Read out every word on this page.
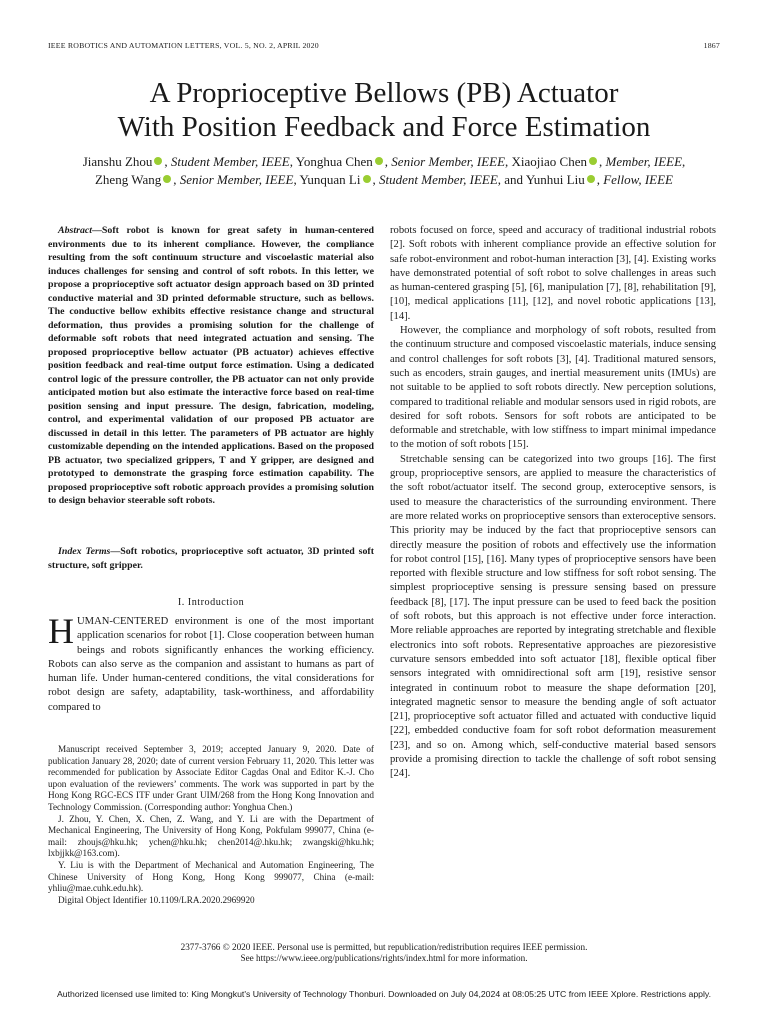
IEEE ROBOTICS AND AUTOMATION LETTERS, VOL. 5, NO. 2, APRIL 2020	1867
A Proprioceptive Bellows (PB) Actuator
With Position Feedback and Force Estimation
Jianshu Zhou , Student Member, IEEE, Yonghua Chen , Senior Member, IEEE, Xiaojiao Chen , Member, IEEE,
Zheng Wang , Senior Member, IEEE, Yunquan Li , Student Member, IEEE, and Yunhui Liu , Fellow, IEEE

Abstract—Soft robot is known for great safety in human-centered environments due to its inherent compliance. However, the compliance resulting from the soft continuum structure and viscoelastic material also induces challenges for sensing and control of soft robots. In this letter, we propose a proprioceptive soft actuator design approach based on 3D printed conductive material and 3D printed deformable structure, such as bellows. The conductive bellow exhibits effective resistance change and structural deformation, thus provides a promising solution for the challenge of deformable soft robots that need integrated actuation and sensing. The proposed proprioceptive bellow actuator (PB actuator) achieves effective position feedback and real-time output force estimation. Using a dedicated control logic of the pressure controller, the PB actuator can not only provide anticipated motion but also estimate the interactive force based on real-time position sensing and input pressure. The design, fabrication, modeling, control, and experimental validation of our proposed PB actuator are discussed in detail in this letter. The parameters of PB actuator are highly customizable depending on the intended applications. Based on the proposed PB actuator, two specialized grippers, T and Y gripper, are designed and prototyped to demonstrate the grasping force estimation capability. The proposed proprioceptive soft robotic approach provides a promising solution to design behavior steerable soft robots.

Index Terms—Soft robotics, proprioceptive soft actuator, 3D printed soft structure, soft gripper.

I. Introduction
HUMAN-CENTERED environment is one of the most important application scenarios for robot [1]. Close cooperation between human beings and robots significantly enhances the working efficiency. Robots can also serve as the companion and assistant to humans as part of human life. Under human-centered conditions, the vital considerations for robot design are safety, adaptability, task-worthiness, and affordability compared to

Manuscript received September 3, 2019; accepted January 9, 2020. Date of publication January 28, 2020; date of current version February 11, 2020. This letter was recommended for publication by Associate Editor Cagdas Onal and Editor K.-J. Cho upon evaluation of the reviewers’ comments. The work was supported in part by the Hong Kong RGC-ECS ITF under Grant UIM/268 from the Hong Kong Innovation and Technology Commission. (Corresponding author: Yonghua Chen.)

J. Zhou, Y. Chen, X. Chen, Z. Wang, and Y. Li are with the Department of Mechanical Engineering, The University of Hong Kong, Pokfulam 999077, China (e-mail: zhoujs@hku.hk; ychen@hku.hk; chen2014@.hku.hk; zwangski@hku.hk; lxbjjkk@163.com).

Y. Liu is with the Department of Mechanical and Automation Engineering, The Chinese University of Hong Kong, Hong Kong 999077, China (e-mail: yhliu@mae.cuhk.edu.hk).

Digital Object Identifier 10.1109/LRA.2020.2969920

robots focused on force, speed and accuracy of traditional industrial robots [2]. Soft robots with inherent compliance provide an effective solution for safe robot-environment and robot-human interaction [3], [4]. Existing works have demonstrated potential of soft robot to solve challenges in areas such as human-centered grasping [5], [6], manipulation [7], [8], rehabilitation [9], [10], medical applications [11], [12], and novel robotic applications [13], [14].

However, the compliance and morphology of soft robots, resulted from the continuum structure and composed viscoelastic materials, induce sensing and control challenges for soft robots [3], [4]. Traditional matured sensors, such as encoders, strain gauges, and inertial measurement units (IMUs) are not suitable to be applied to soft robots directly. New perception solutions, compared to traditional reliable and modular sensors used in rigid robots, are desired for soft robots. Sensors for soft robots are anticipated to be deformable and stretchable, with low stiffness to impart minimal impedance to the motion of soft robots [15].

Stretchable sensing can be categorized into two groups [16]. The first group, proprioceptive sensors, are applied to measure the characteristics of the soft robot/actuator itself. The second group, exteroceptive sensors, is used to measure the characteristics of the surrounding environment. There are more related works on proprioceptive sensors than exteroceptive sensors. This priority may be induced by the fact that proprioceptive sensors can directly measure the position of robots and effectively use the information for robot control [15], [16]. Many types of proprioceptive sensors have been reported with flexible structure and low stiffness for soft robot sensing. The simplest proprioceptive sensing is pressure sensing based on pressure feedback [8], [17]. The input pressure can be used to feed back the position of soft robots, but this approach is not effective under force interaction. More reliable approaches are reported by integrating stretchable and flexible electronics into soft robots. Representative approaches are piezoresistive curvature sensors embedded into soft actuator [18], flexible optical fiber sensors integrated with omnidirectional soft arm [19], resistive sensor integrated in continuum robot to measure the shape deformation [20], integrated magnetic sensor to measure the bending angle of soft actuator [21], proprioceptive soft actuator filled and actuated with conductive liquid [22], embedded conductive foam for soft robot deformation measurement [23], and so on. Among which, self-conductive material based sensors provide a promising direction to tackle the challenge of soft robot sensing [24].

2377-3766 © 2020 IEEE. Personal use is permitted, but republication/redistribution requires IEEE permission.
See https://www.ieee.org/publications/rights/index.html for more information.
Authorized licensed use limited to: King Mongkut's University of Technology Thonburi. Downloaded on July 04,2024 at 08:05:25 UTC from IEEE Xplore. Restrictions apply.
